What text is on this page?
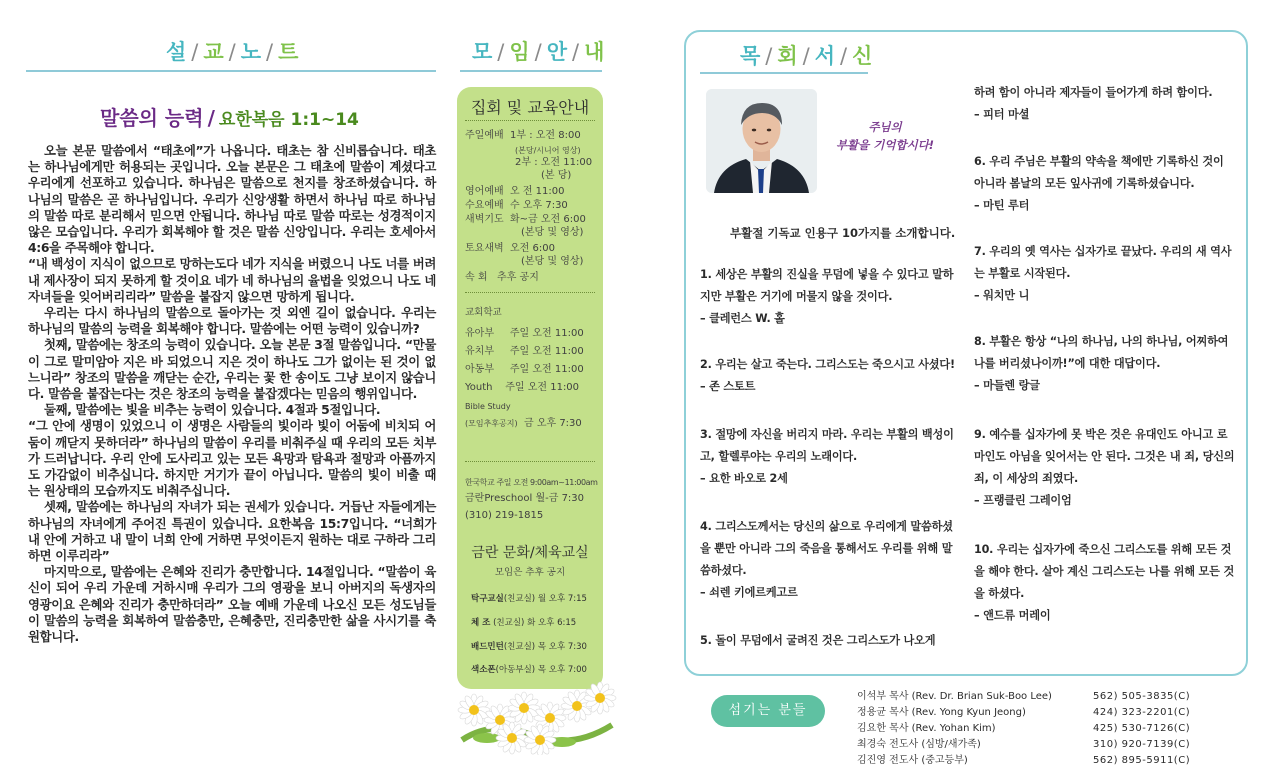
설 / 교 / 노 / 트
말씀의 능력 / 요한복음 1:1~14

오늘 본문 말씀에서 “태초에”가 나옵니다. 태초는 참 신비롭습니다. 태초는 하나님에게만 허용되는 곳입니다. 오늘 본문은 그 태초에 말씀이 계셨다고 우리에게 선포하고 있습니다. 하나님은 말씀으로 천지를 창조하셨습니다. 하나님의 말씀은 곧 하나님입니다. 우리가 신앙생활 하면서 하나님 따로 하나님의 말씀 따로 분리해서 믿으면 안됩니다. 하나님 따로 말씀 따로는 성경적이지 않은 모습입니다. 우리가 회복해야 할 것은 말씀 신앙입니다. 우리는 호세아서 4:6을 주목해야 합니다.

“내 백성이 지식이 없으므로 망하는도다 네가 지식을 버렸으니 나도 너를 버려 내 제사장이 되지 못하게 할 것이요 네가 네 하나님의 율법을 잊었으니 나도 네 자녀들을 잊어버리리라” 말씀을 붙잡지 않으면 망하게 됩니다.

우리는 다시 하나님의 말씀으로 돌아가는 것 외엔 길이 없습니다. 우리는 하나님의 말씀의 능력을 회복해야 합니다. 말씀에는 어떤 능력이 있습니까?

첫째, 말씀에는 창조의 능력이 있습니다. 오늘 본문 3절 말씀입니다. “만물이 그로 말미암아 지은 바 되었으니 지은 것이 하나도 그가 없이는 된 것이 없느니라” 창조의 말씀을 깨닫는 순간, 우리는 꽃 한 송이도 그냥 보이지 않습니다. 말씀을 붙잡는다는 것은 창조의 능력을 붙잡겠다는 믿음의 행위입니다.

둘째, 말씀에는 빛을 비추는 능력이 있습니다. 4절과 5절입니다.

“그 안에 생명이 있었으니 이 생명은 사람들의 빛이라 빛이 어둠에 비치되 어둠이 깨닫지 못하더라” 하나님의 말씀이 우리를 비춰주실 때 우리의 모든 치부가 드러납니다. 우리 안에 도사리고 있는 모든 욕망과 탐욕과 절망과 아픔까지도 가감없이 비추십니다. 하지만 거기가 끝이 아닙니다. 말씀의 빛이 비출 때는 원상태의 모습까지도 비춰주십니다.

셋째, 말씀에는 하나님의 자녀가 되는 권세가 있습니다. 거듭난 자들에게는 하나님의 자녀에게 주어진 특권이 있습니다. 요한복음 15:7입니다. “너희가 내 안에 거하고 내 말이 너희 안에 거하면 무엇이든지 원하는 대로 구하라 그리하면 이루리라”

마지막으로, 말씀에는 은혜와 진리가 충만합니다. 14절입니다. “말씀이 육신이 되어 우리 가운데 거하시매 우리가 그의 영광을 보니 아버지의 독생자의 영광이요 은혜와 진리가 충만하더라” 오늘 예배 가운데 나오신 모든 성도님들이 말씀의 능력을 회복하여 말씀충만, 은혜충만, 진리충만한 삶을 사시기를 축원합니다.

모 / 임 / 안 / 내
집회 및 교육안내
주일예배 1부 : 오전 8:00
(본당/시니어 영상)
2부 : 오전 11:00
(본 당)
영어예배 오 전 11:00
수요예배 수 오후 7:30
새벽기도 화~금 오전 6:00
(본당 및 영상)
토요새벽 오전 6:00
(본당 및 영상)
속 회 추후 공지
교회학교
유아부 주일 오전 11:00
유치부 주일 오전 11:00
아동부 주일 오전 11:00
Youth 주일 오전 11:00
Bible Study
(모임추후공지) 금 오후 7:30
한국학교 주일 오전 9:00am~11:00am
금란Preschool 월-금 7:30
(310) 219-1815
금란 문화/체육교실
모임은 추후 공지
탁구교실(친교실) 월 오후 7:15
체 조 (친교실) 화 오후 6:15
배드민턴(친교실) 목 오후 7:30
색소폰(아동부실) 목 오후 7:00
목 / 회 / 서 / 신
주님의
부활을 기억합시다!
부활절 기독교 인용구 10가지를 소개합니다.
1. 세상은 부활의 진실을 무덤에 넣을 수 있다고 말하지만 부활은 거기에 머물지 않을 것이다.
– 클레런스 W. 홀
2. 우리는 살고 죽는다. 그리스도는 죽으시고 사셨다!
– 존 스토트
3. 절망에 자신을 버리지 마라. 우리는 부활의 백성이고, 할렐루야는 우리의 노래이다.
– 요한 바오로 2세
4. 그리스도께서는 당신의 삶으로 우리에게 말씀하셨을 뿐만 아니라 그의 죽음을 통해서도 우리를 위해 말씀하셨다.
– 쇠렌 키에르케고르
5. 돌이 무덤에서 굴려진 것은 그리스도가 나오게
하려 함이 아니라 제자들이 들어가게 하려 함이다.
– 피터 마셜
6. 우리 주님은 부활의 약속을 책에만 기록하신 것이 아니라 봄날의 모든 잎사귀에 기록하셨습니다.
– 마틴 루터
7. 우리의 옛 역사는 십자가로 끝났다. 우리의 새 역사는 부활로 시작된다.
– 워치만 니
8. 부활은 항상 “나의 하나님, 나의 하나님, 어찌하여 나를 버리셨나이까!”에 대한 대답이다.
– 마들렌 랑글
9. 예수를 십자가에 못 박은 것은 유대인도 아니고 로마인도 아님을 잊어서는 안 된다. 그것은 내 죄, 당신의 죄, 이 세상의 죄였다.
– 프랭클린 그레이엄
10. 우리는 십자가에 죽으신 그리스도를 위해 모든 것을 해야 한다. 살아 계신 그리스도는 나를 위해 모든 것을 하셨다.
– 앤드류 머레이
섬기는 분들
이석부 목사 (Rev. Dr. Brian Suk-Boo Lee)	562) 505-3835(C)
정용균 목사 (Rev. Yong Kyun Jeong)	424) 323-2201(C)
김요한 목사 (Rev. Yohan Kim)	425) 530-7126(C)
최경숙 전도사 (심방/새가족)	310) 920-7139(C)
김진영 전도사 (중고등부)	562) 895-5911(C)
